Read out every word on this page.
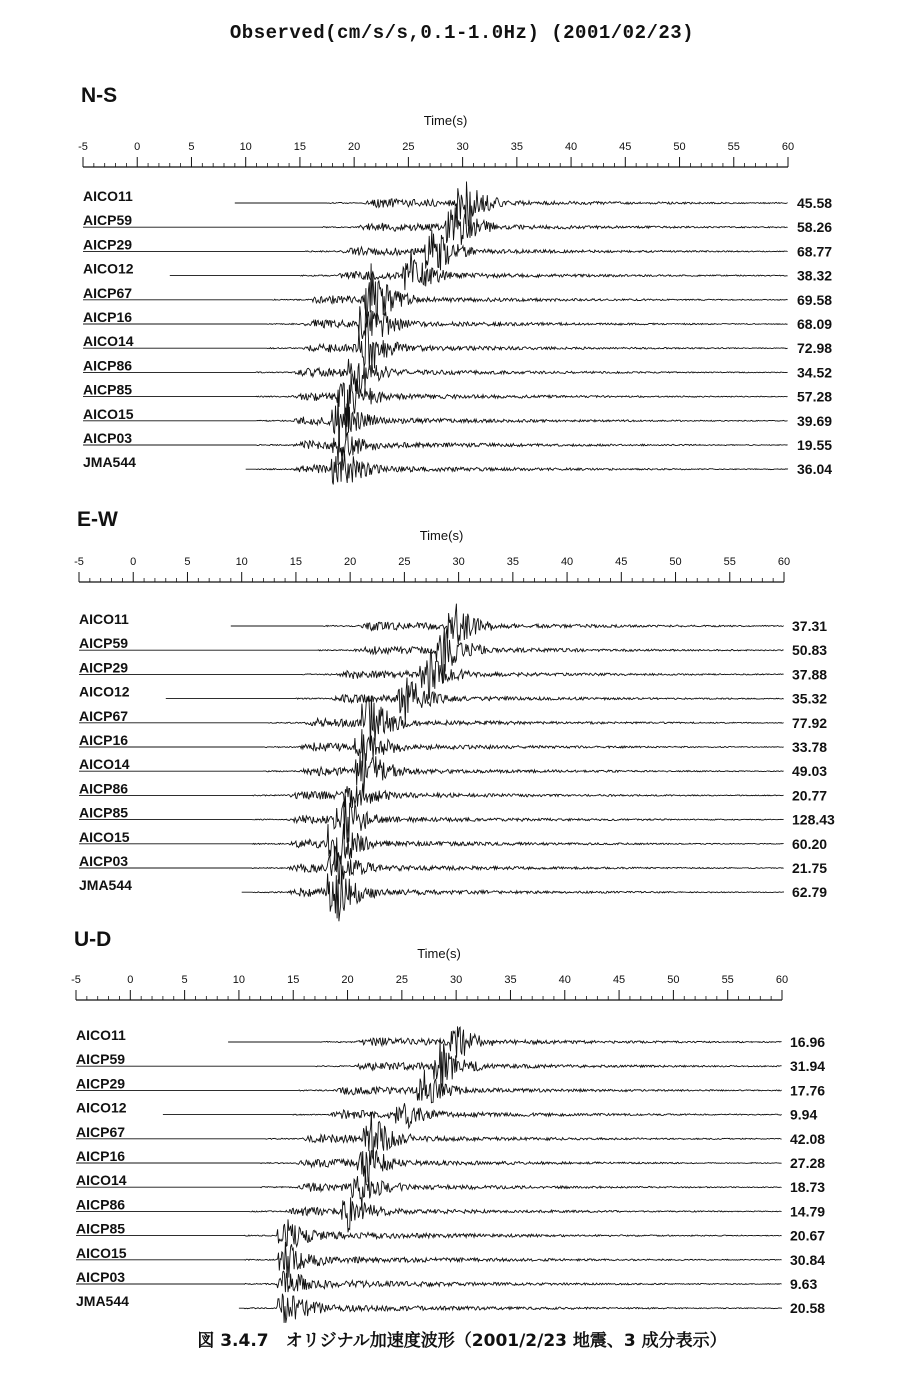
Observed(cm/s/s,0.1-1.0Hz) (2001/02/23)
N-S
Time(s)
-5	0	5	10	15	20	25	30	35	40	45	50	55	60
AICO11	45.58
AICP59	58.26
AICP29	68.77
AICO12	38.32
AICP67	69.58
AICP16	68.09
AICO14	72.98
AICP86	34.52
AICP85	57.28
AICO15	39.69
AICP03	19.55
JMA544	36.04
E-W
Time(s)
-5	0	5	10	15	20	25	30	35	40	45	50	55	60
AICO11	37.31
AICP59	50.83
AICP29	37.88
AICO12	35.32
AICP67	77.92
AICP16	33.78
AICO14	49.03
AICP86	20.77
AICP85	128.43
AICO15	60.20
AICP03	21.75
JMA544	62.79
U-D
Time(s)
-5	0	5	10	15	20	25	30	35	40	45	50	55	60
AICO11	16.96
AICP59	31.94
AICP29	17.76
AICO12	9.94
AICP67	42.08
AICP16	27.28
AICO14	18.73
AICP86	14.79
AICP85	20.67
AICO15	30.84
AICP03	9.63
JMA544	20.58
図 3.4.7　オリジナル加速度波形（2001/2/23 地震、3 成分表示）
